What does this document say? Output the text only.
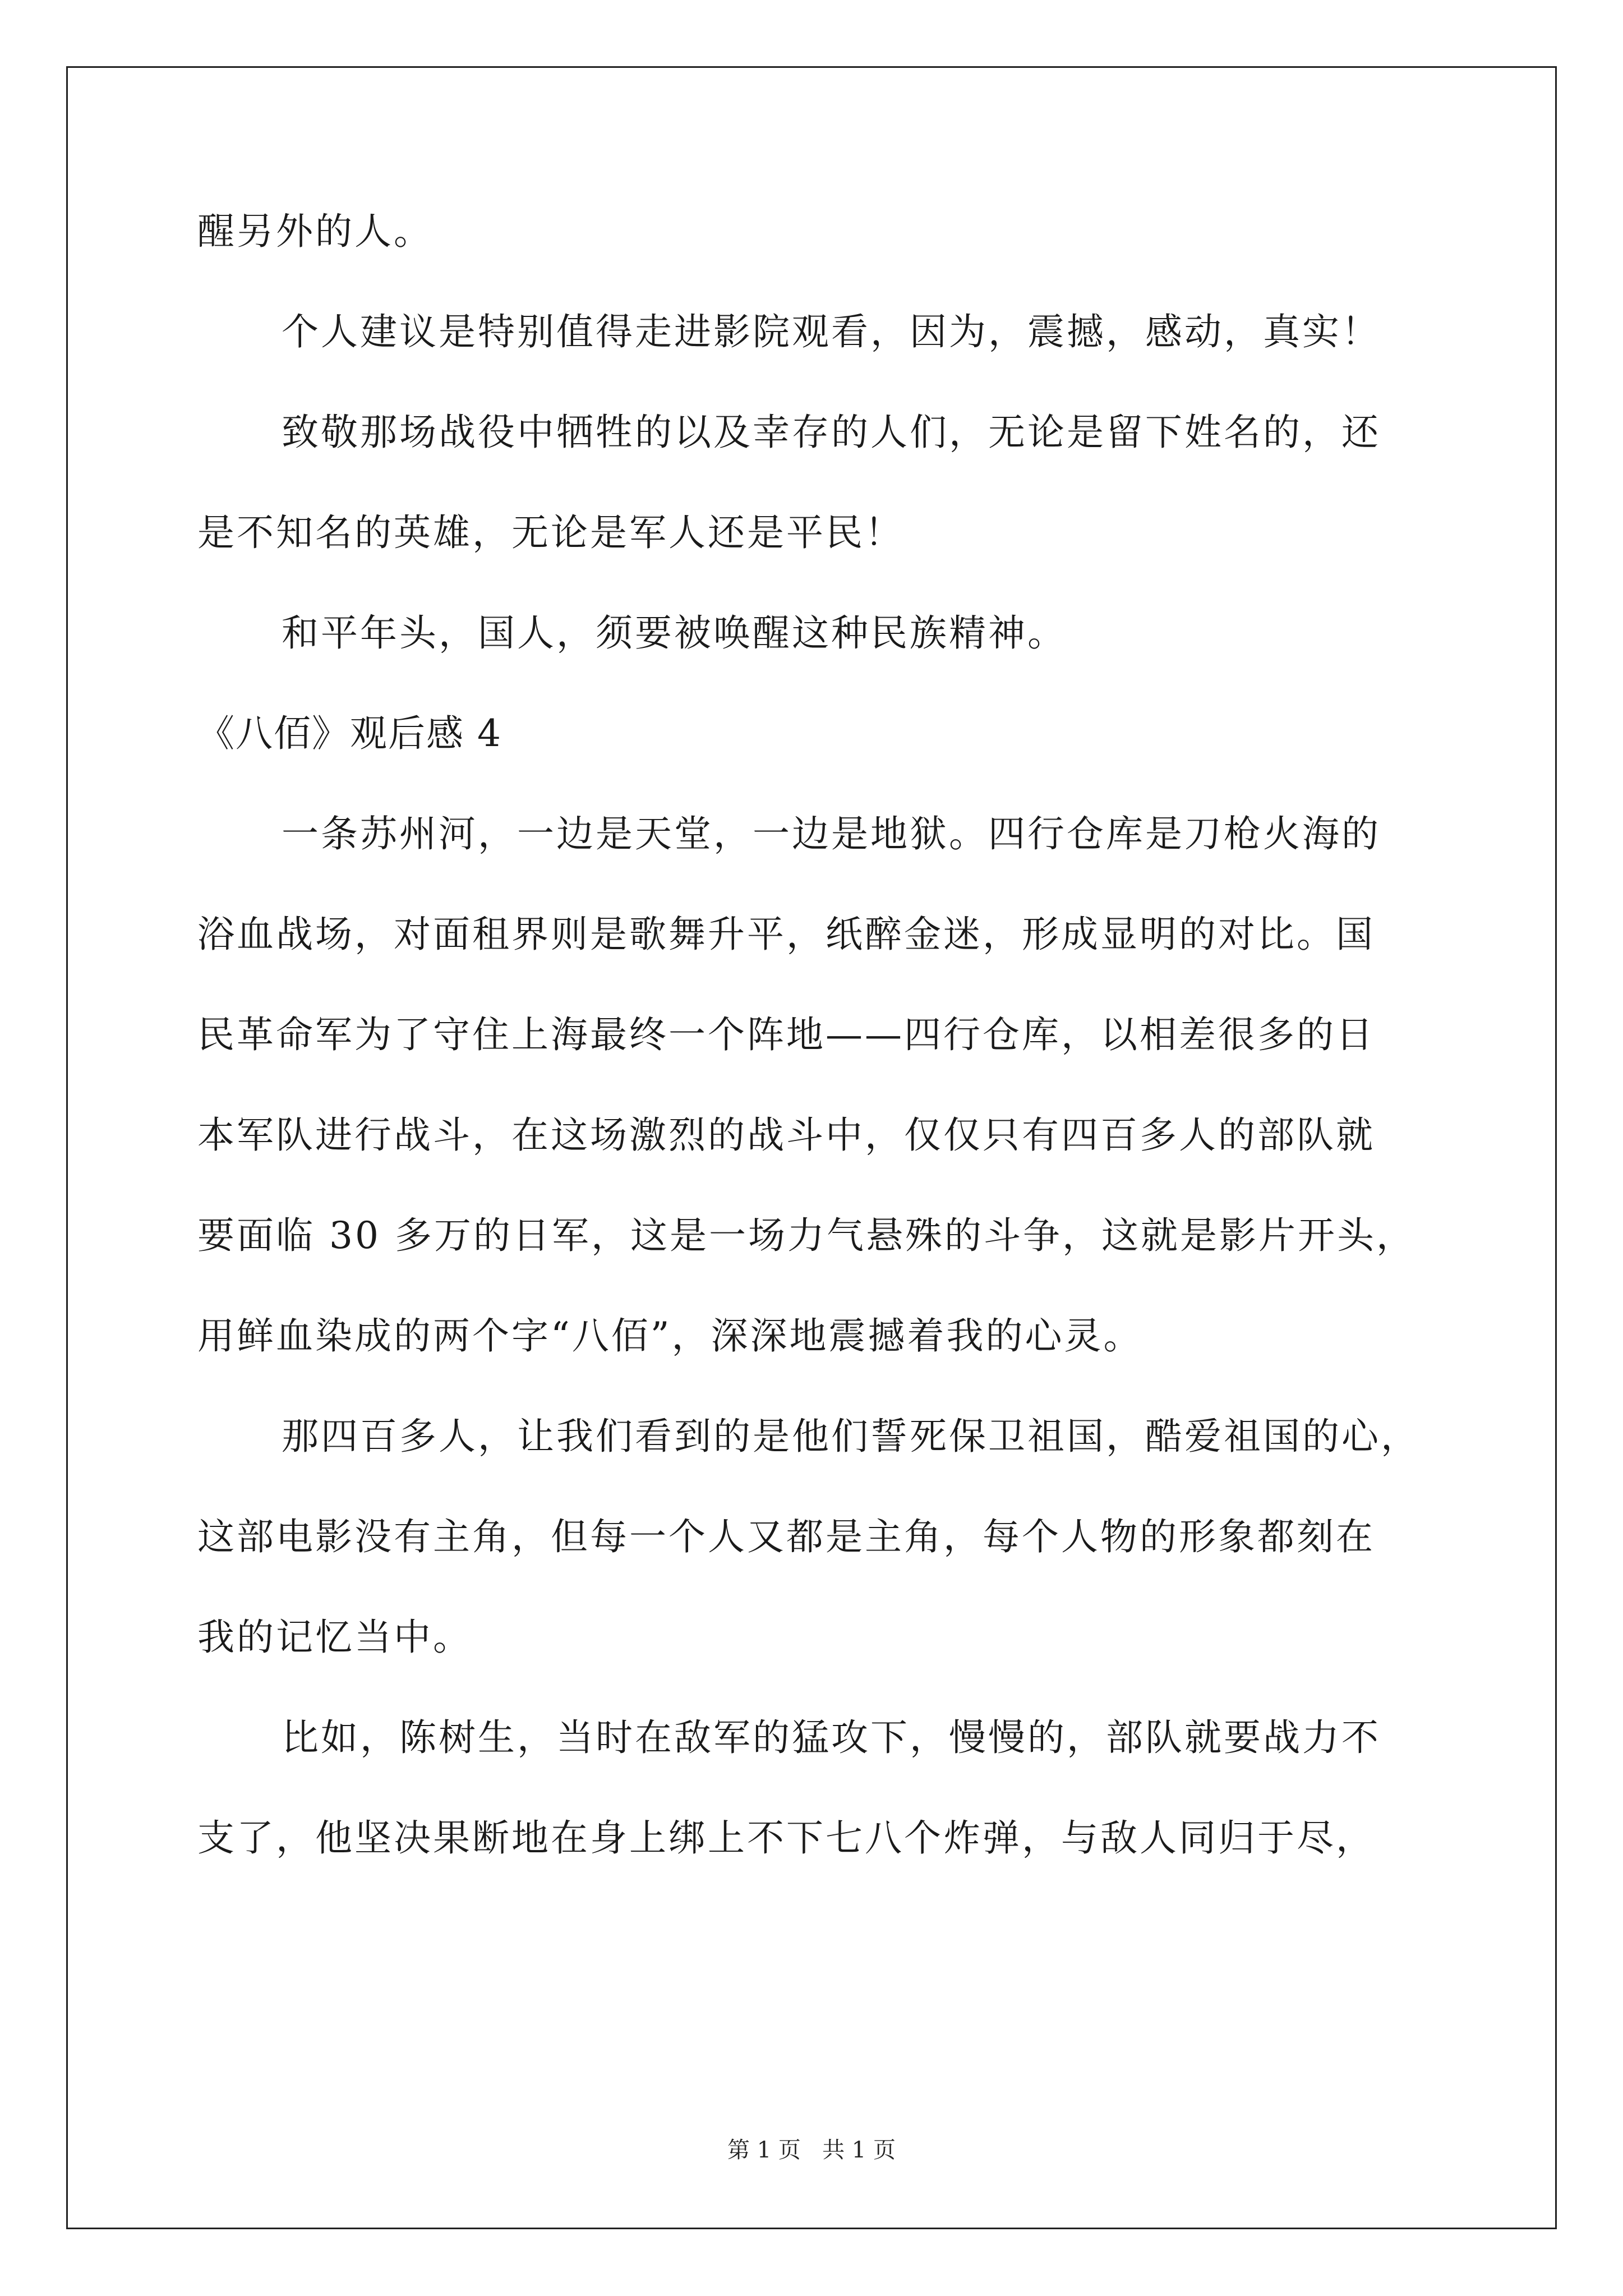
醒另外的人。
个人建议是特别值得走进影院观看，因为，震撼，感动，真实！
致敬那场战役中牺牲的以及幸存的人们，无论是留下姓名的，还
是不知名的英雄，无论是军人还是平民！
和平年头，国人，须要被唤醒这种民族精神。
《八佰》观后感 4
一条苏州河，一边是天堂，一边是地狱。四行仓库是刀枪火海的
浴血战场，对面租界则是歌舞升平，纸醉金迷，形成显明的对比。国
民革命军为了守住上海最终一个阵地——四行仓库，以相差很多的日
本军队进行战斗，在这场激烈的战斗中，仅仅只有四百多人的部队就
要面临 30 多万的日军，这是一场力气悬殊的斗争，这就是影片开头，
用鲜血染成的两个字“八佰”，深深地震撼着我的心灵。
那四百多人，让我们看到的是他们誓死保卫祖国，酷爱祖国的心，
这部电影没有主角，但每一个人又都是主角，每个人物的形象都刻在
我的记忆当中。
比如，陈树生，当时在敌军的猛攻下，慢慢的，部队就要战力不
支了，他坚决果断地在身上绑上不下七八个炸弹，与敌人同归于尽，
第 1 页   共 1 页
